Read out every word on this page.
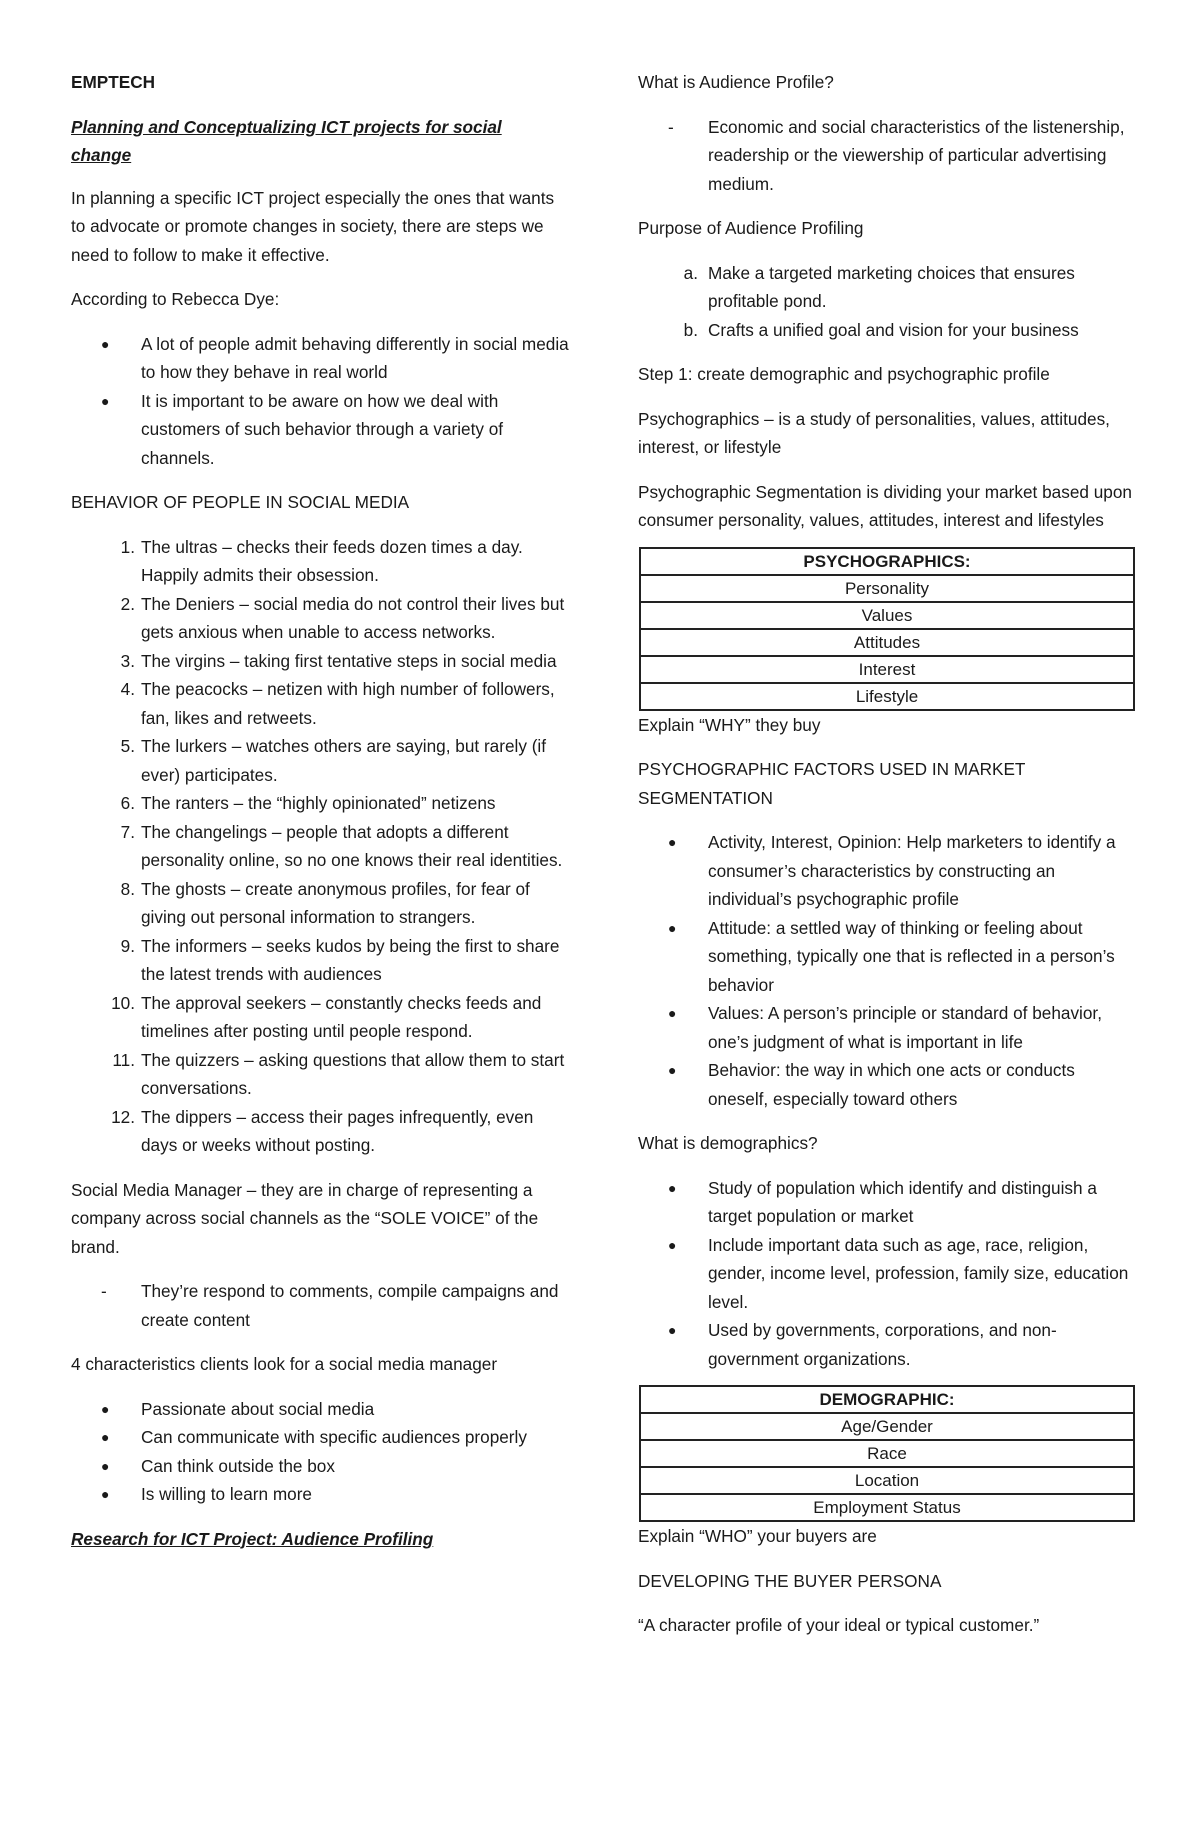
EMPTECH

Planning and Conceptualizing ICT projects for social
change

In planning a specific ICT project especially the ones that wants to advocate or promote changes in society, there are steps we need to follow to make it effective.

According to Rebecca Dye:

● A lot of people admit behaving differently in social media to how they behave in real world
● It is important to be aware on how we deal with customers of such behavior through a variety of channels.

BEHAVIOR OF PEOPLE IN SOCIAL MEDIA

1. The ultras – checks their feeds dozen times a day. Happily admits their obsession.
2. The Deniers – social media do not control their lives but gets anxious when unable to access networks.
3. The virgins – taking first tentative steps in social media
4. The peacocks – netizen with high number of followers, fan, likes and retweets.
5. The lurkers – watches others are saying, but rarely (if ever) participates.
6. The ranters – the “highly opinionated” netizens
7. The changelings – people that adopts a different personality online, so no one knows their real identities.
8. The ghosts – create anonymous profiles, for fear of giving out personal information to strangers.
9. The informers – seeks kudos by being the first to share the latest trends with audiences
10. The approval seekers – constantly checks feeds and timelines after posting until people respond.
11. The quizzers – asking questions that allow them to start conversations.
12. The dippers – access their pages infrequently, even days or weeks without posting.

Social Media Manager – they are in charge of representing a company across social channels as the “SOLE VOICE” of the brand.

- They’re respond to comments, compile campaigns and create content

4 characteristics clients look for a social media manager

● Passionate about social media
● Can communicate with specific audiences properly
● Can think outside the box
● Is willing to learn more

Research for ICT Project: Audience Profiling

What is Audience Profile?

- Economic and social characteristics of the listenership, readership or the viewership of particular advertising medium.

Purpose of Audience Profiling

a. Make a targeted marketing choices that ensures profitable pond.
b. Crafts a unified goal and vision for your business

Step 1: create demographic and psychographic profile

Psychographics – is a study of personalities, values, attitudes, interest, or lifestyle

Psychographic Segmentation is dividing your market based upon consumer personality, values, attitudes, interest and lifestyles

PSYCHOGRAPHICS:
Personality
Values
Attitudes
Interest
Lifestyle

Explain “WHY” they buy

PSYCHOGRAPHIC FACTORS USED IN MARKET SEGMENTATION

● Activity, Interest, Opinion: Help marketers to identify a consumer’s characteristics by constructing an individual’s psychographic profile
● Attitude: a settled way of thinking or feeling about something, typically one that is reflected in a person’s behavior
● Values: A person’s principle or standard of behavior, one’s judgment of what is important in life
● Behavior: the way in which one acts or conducts oneself, especially toward others

What is demographics?

● Study of population which identify and distinguish a target population or market
● Include important data such as age, race, religion, gender, income level, profession, family size, education level.
● Used by governments, corporations, and non-government organizations.
DEMOGRAPHIC:
Age/Gender
Race
Location
Employment Status

Explain “WHO” your buyers are

DEVELOPING THE BUYER PERSONA

“A character profile of your ideal or typical customer.”
